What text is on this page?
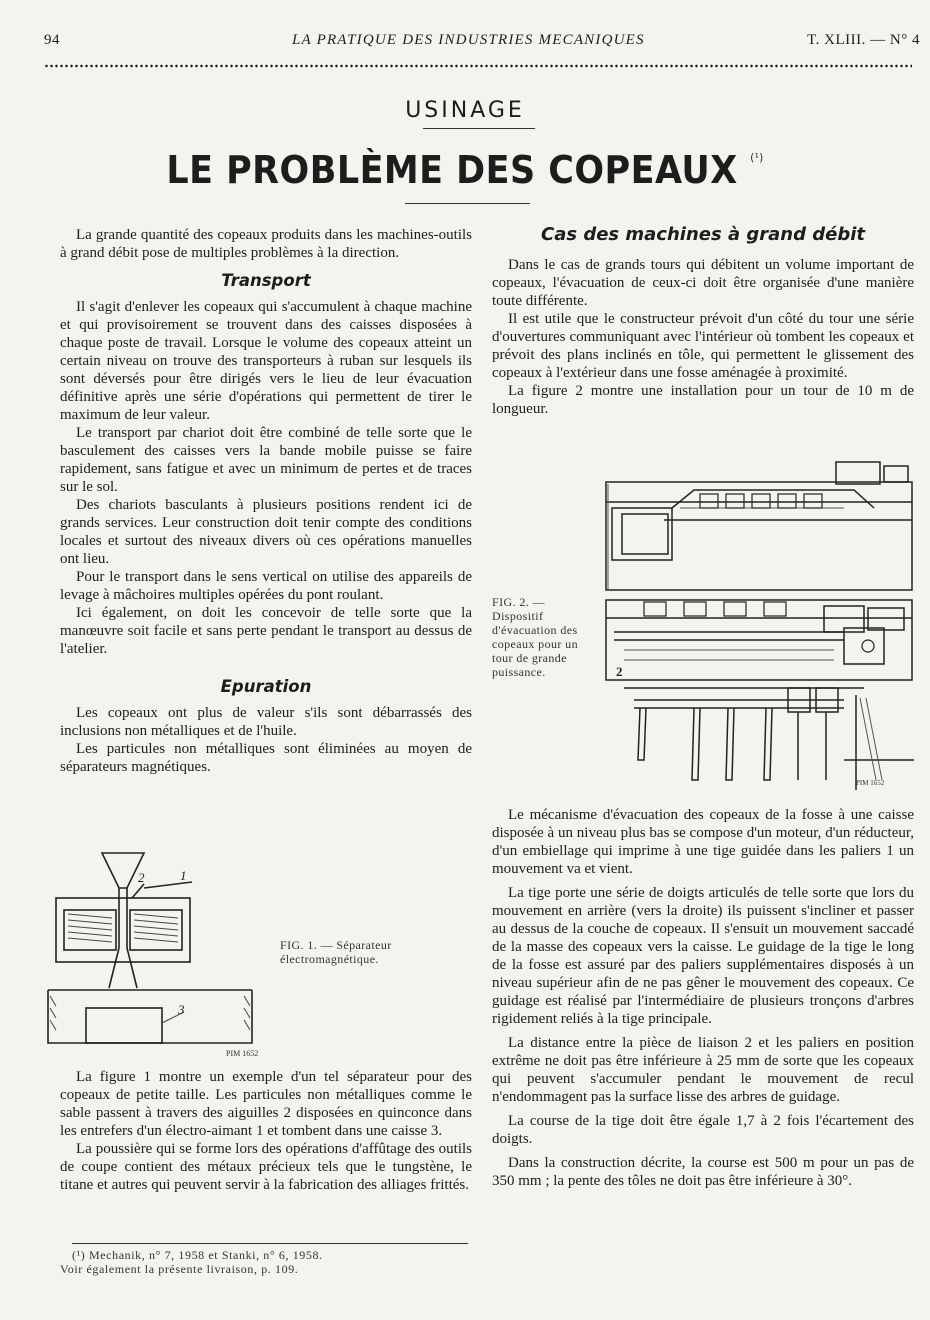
94	LA PRATIQUE DES INDUSTRIES MECANIQUES	T. XLIII. — N° 4
USINAGE
LE PROBLÈME DES COPEAUX $^{(^1)}$

La grande quantité des copeaux produits dans les machines-outils à grand débit pose de multiples problèmes à la direction.

Transport

Il s'agit d'enlever les copeaux qui s'accumulent à chaque machine et qui provisoirement se trouvent dans des caisses disposées à chaque poste de travail. Lorsque le volume des copeaux atteint un certain niveau on trouve des transporteurs à ruban sur lesquels ils sont déversés pour être dirigés vers le lieu de leur évacuation définitive après une série d'opérations qui permettent de tirer le maximum de leur valeur.

Le transport par chariot doit être combiné de telle sorte que le basculement des caisses vers la bande mobile puisse se faire rapidement, sans fatigue et avec un minimum de pertes et de traces sur le sol.

Des chariots basculants à plusieurs positions rendent ici de grands services. Leur construction doit tenir compte des conditions locales et surtout des niveaux divers où ces opérations manuelles ont lieu.

Pour le transport dans le sens vertical on utilise des appareils de levage à mâchoires multiples opérées du pont roulant.

Ici également, on doit les concevoir de telle sorte que la manœuvre soit facile et sans perte pendant le transport au dessus de l'atelier.

Epuration

Les copeaux ont plus de valeur s'ils sont débarrassés des inclusions non métalliques et de l'huile.

Les particules non métalliques sont éliminées au moyen de séparateurs magnétiques.

2	1
3
PIM 1652
FIG. 1. — Séparateur électromagnétique.

La figure 1 montre un exemple d'un tel séparateur pour des copeaux de petite taille. Les particules non métalliques comme le sable passent à travers des aiguilles 2 disposées en quinconce dans les entrefers d'un électro-aimant 1 et tombent dans une caisse 3.

La poussière qui se forme lors des opérations d'affûtage des outils de coupe contient des métaux précieux tels que le tungstène, le titane et autres qui peuvent servir à la fabrication des alliages frittés.

(¹) Mechanik, n° 7, 1958 et Stanki, n° 6, 1958.
Voir également la présente livraison, p. 109.
Cas des machines à grand débit

Dans le cas de grands tours qui débitent un volume important de copeaux, l'évacuation de ceux-ci doit être organisée d'une manière toute différente.

Il est utile que le constructeur prévoit d'un côté du tour une série d'ouvertures communiquant avec l'intérieur où tombent les copeaux et prévoit des plans inclinés en tôle, qui permettent le glissement des copeaux à l'extérieur dans une fosse aménagée à proximité.

La figure 2 montre une installation pour un tour de 10 m de longueur.

2
PIM 1652
FIG. 2. — Dispositif d'évacuation des copeaux pour un tour de grande puissance.

Le mécanisme d'évacuation des copeaux de la fosse à une caisse disposée à un niveau plus bas se compose d'un moteur, d'un réducteur, d'un embiellage qui imprime à une tige guidée dans les paliers 1 un mouvement va et vient.

La tige porte une série de doigts articulés de telle sorte que lors du mouvement en arrière (vers la droite) ils puissent s'incliner et passer au dessus de la couche de copeaux. Il s'ensuit un mouvement saccadé de la masse des copeaux vers la caisse. Le guidage de la tige le long de la fosse est assuré par des paliers supplémentaires disposés à un niveau supérieur afin de ne pas gêner le mouvement des copeaux. Ce guidage est réalisé par l'intermédiaire de plusieurs tronçons d'arbres rigidement reliés à la tige principale.

La distance entre la pièce de liaison 2 et les paliers en position extrême ne doit pas être inférieure à 25 mm de sorte que les copeaux qui peuvent s'accumuler pendant le mouvement de recul n'endommagent pas la surface lisse des arbres de guidage.

La course de la tige doit être égale 1,7 à 2 fois l'écartement des doigts.

Dans la construction décrite, la course est 500 m pour un pas de 350 mm ; la pente des tôles ne doit pas être inférieure à 30°.
